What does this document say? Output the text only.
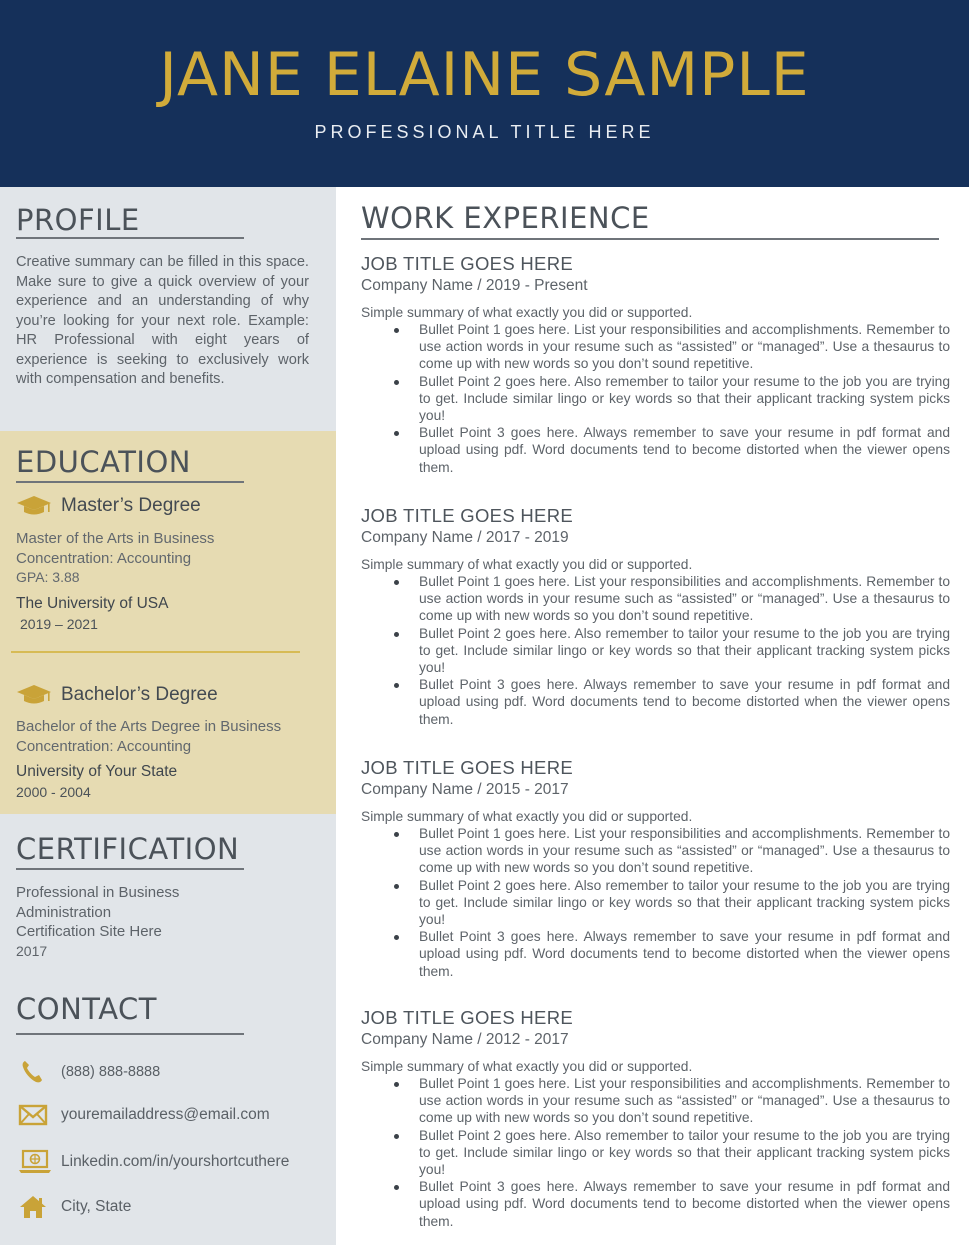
JANE ELAINE SAMPLE
PROFESSIONAL TITLE HERE
PROFILE
Creative summary can be filled in this space. Make sure to give a quick overview of your experience and an understanding of why you’re looking for your next role. Example: HR Professional with eight years of experience is seeking to exclusively work with compensation and benefits.
EDUCATION
Master’s Degree
Master of the Arts in Business
Concentration: Accounting
GPA: 3.88
The University of USA
2019 – 2021
Bachelor’s Degree
Bachelor of the Arts Degree in Business
Concentration: Accounting
University of Your State
2000 - 2004
CERTIFICATION
Professional in Business
Administration
Certification Site Here
2017
CONTACT
(888) 888-8888
youremailaddress@email.com
Linkedin.com/in/yourshortcuthere
City, State
WORK EXPERIENCE
JOB TITLE GOES HERE
Company Name / 2019 - Present
Simple summary of what exactly you did or supported.
Bullet Point 1 goes here. List your responsibilities and accomplishments. Remember to use action words in your resume such as “assisted” or “managed”. Use a thesaurus to come up with new words so you don’t sound repetitive.
Bullet Point 2 goes here. Also remember to tailor your resume to the job you are trying to get. Include similar lingo or key words so that their applicant tracking system picks you!
Bullet Point 3 goes here. Always remember to save your resume in pdf format and upload using pdf. Word documents tend to become distorted when the viewer opens them.
JOB TITLE GOES HERE
Company Name / 2017 - 2019
Simple summary of what exactly you did or supported.
Bullet Point 1 goes here. List your responsibilities and accomplishments. Remember to use action words in your resume such as “assisted” or “managed”. Use a thesaurus to come up with new words so you don’t sound repetitive.
Bullet Point 2 goes here. Also remember to tailor your resume to the job you are trying to get. Include similar lingo or key words so that their applicant tracking system picks you!
Bullet Point 3 goes here. Always remember to save your resume in pdf format and upload using pdf. Word documents tend to become distorted when the viewer opens them.
JOB TITLE GOES HERE
Company Name / 2015 - 2017
Simple summary of what exactly you did or supported.
Bullet Point 1 goes here. List your responsibilities and accomplishments. Remember to use action words in your resume such as “assisted” or “managed”. Use a thesaurus to come up with new words so you don’t sound repetitive.
Bullet Point 2 goes here. Also remember to tailor your resume to the job you are trying to get. Include similar lingo or key words so that their applicant tracking system picks you!
Bullet Point 3 goes here. Always remember to save your resume in pdf format and upload using pdf. Word documents tend to become distorted when the viewer opens them.
JOB TITLE GOES HERE
Company Name / 2012 - 2017
Simple summary of what exactly you did or supported.
Bullet Point 1 goes here. List your responsibilities and accomplishments. Remember to use action words in your resume such as “assisted” or “managed”. Use a thesaurus to come up with new words so you don’t sound repetitive.
Bullet Point 2 goes here. Also remember to tailor your resume to the job you are trying to get. Include similar lingo or key words so that their applicant tracking system picks you!
Bullet Point 3 goes here. Always remember to save your resume in pdf format and upload using pdf. Word documents tend to become distorted when the viewer opens them.
